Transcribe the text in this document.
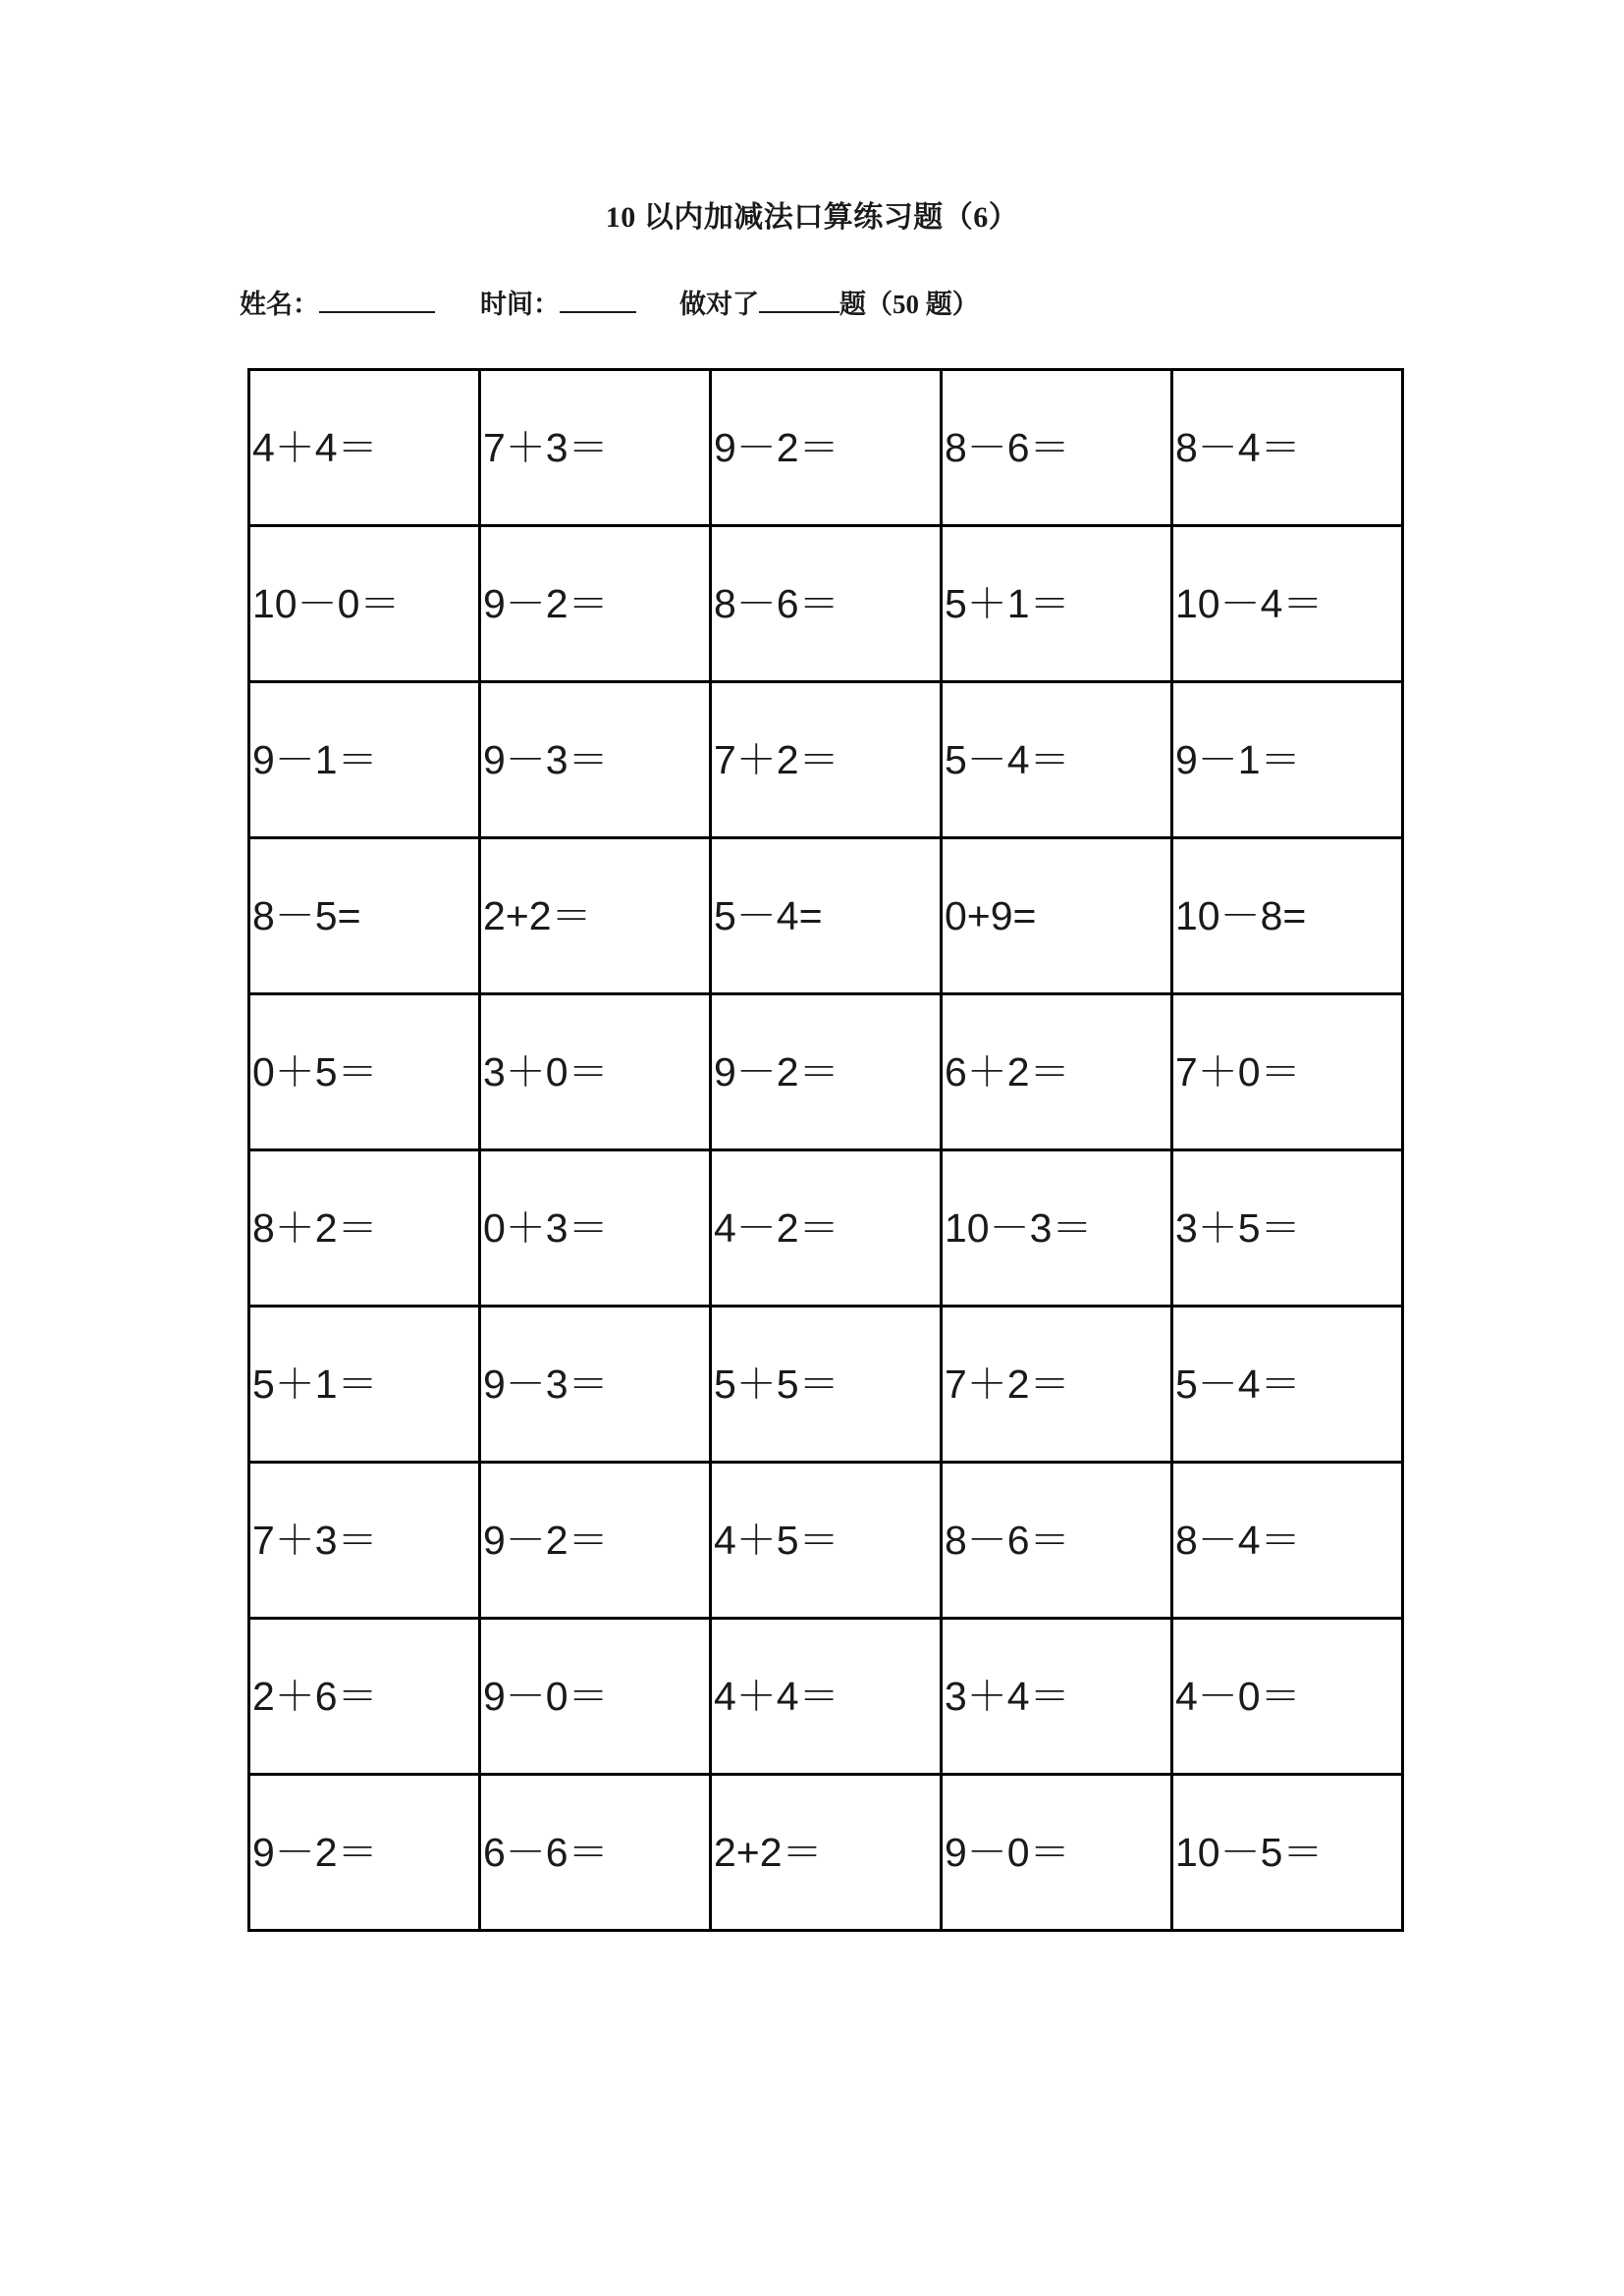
10 以内加减法口算练习题（6）
姓名：	时间：	做对了	题 （50 题）
4＋4＝	7＋3＝	9－2＝	8－6＝	8－4＝
10－0＝	9－2＝	8－6＝	5＋1＝	10－4＝
9－1＝	9－3＝	7＋2＝	5－4＝	9－1＝
8－5=	2+2＝	5－4=	0+9=	10－8=
0＋5＝	3＋0＝	9－2＝	6＋2＝	7＋0＝
8＋2＝	0＋3＝	4－2＝	10－3＝	3＋5＝
5＋1＝	9－3＝	5＋5＝	7＋2＝	5－4＝
7＋3＝	9－2＝	4＋5＝	8－6＝	8－4＝
2＋6＝	9－0＝	4＋4＝	3＋4＝	4－0＝
9－2＝	6－6＝	2+2＝	9－0＝	10－5＝
